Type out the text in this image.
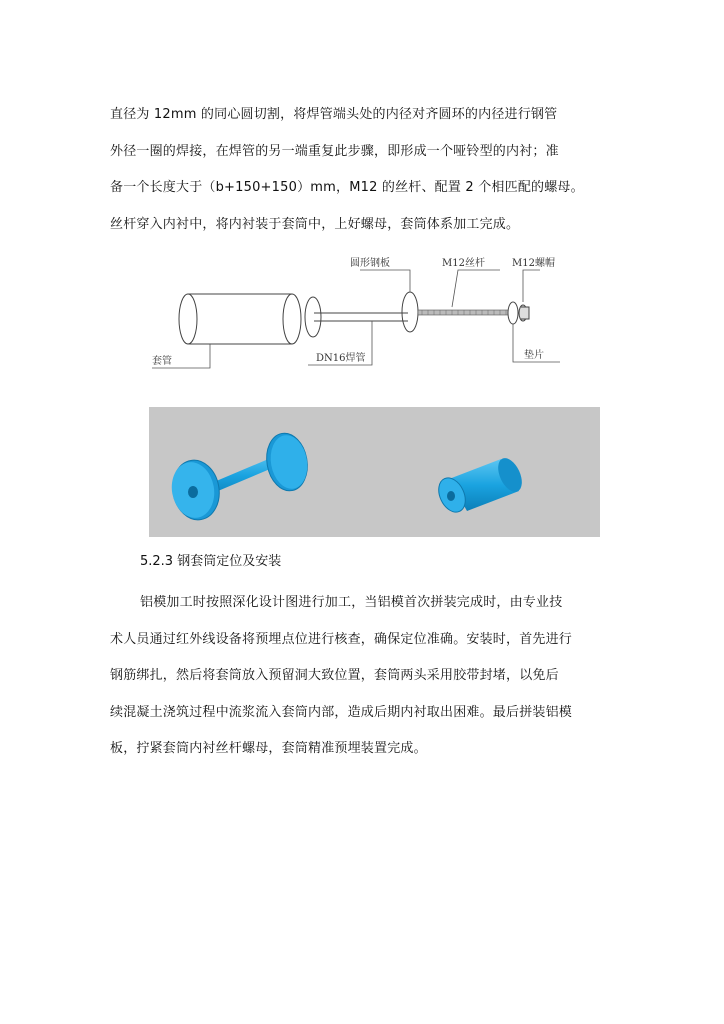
直径为 12mm 的同心圆切割，将焊管端头处的内径对齐圆环的内径进行钢管
外径一圈的焊接，在焊管的另一端重复此步骤，即形成一个哑铃型的内衬；准
备一个长度大于（b+150+150）mm，M12 的丝杆、配置 2 个相匹配的螺母。
丝杆穿入内衬中，将内衬装于套筒中，上好螺母，套筒体系加工完成。
圆形钢板	M12丝杆	M12螺帽
套管	DN16焊管	垫片
5.2.3 钢套筒定位及安装
铝模加工时按照深化设计图进行加工，当铝模首次拼装完成时，由专业技
术人员通过红外线设备将预埋点位进行核查，确保定位准确。安装时，首先进行
钢筋绑扎，然后将套筒放入预留洞大致位置，套筒两头采用胶带封堵，以免后
续混凝土浇筑过程中流浆流入套筒内部，造成后期内衬取出困难。最后拼装铝模
板，拧紧套筒内衬丝杆螺母，套筒精准预埋装置完成。
